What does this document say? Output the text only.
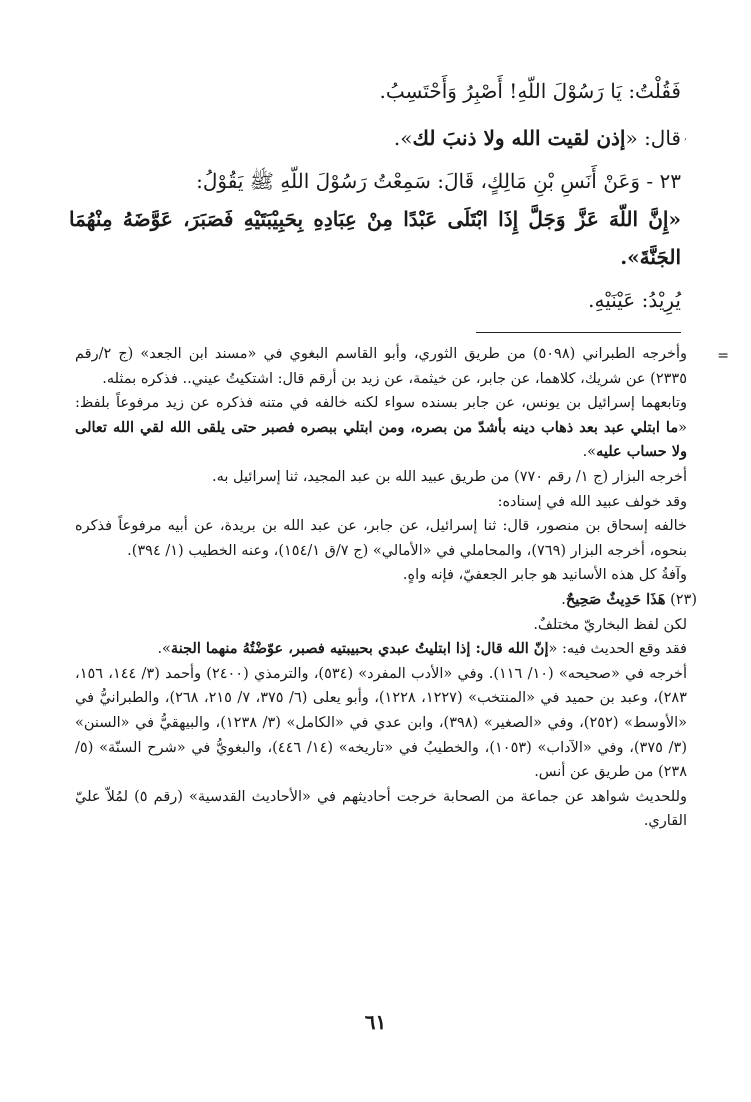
فَقُلْتُ: يَا رَسُوْلَ اللّهِ! أَصْبِرُ وَأَحْتَسِبُ.
قال: «إذن لقيت الله ولا ذنبَ لك».
٢٣ - وَعَنْ أَنَسِ بْنِ مَالِكٍ، قَالَ: سَمِعْتُ رَسُوْلَ اللّهِ ﷺ يَقُوْلُ:
«إِنَّ اللّهَ عَزَّ وَجَلَّ إِذَا ابْتَلَى عَبْدًا مِنْ عِبَادِهِ بِحَبِيْبَتَيْهِ فَصَبَرَ، عَوَّضَهُ مِنْهُمَا الجَنَّةَ».
يُرِيْدُ: عَيْنَيْهِ.
=

وأخرجه الطبراني (٥٠٩٨) من طريق الثوري، وأبو القاسم البغوي في «مسند ابن الجعد» (ج ٢/رقم ٢٣٣٥) عن شريك، كلاهما، عن جابر، عن خيثمة، عن زيد بن أرقم قال: اشتكيتُ عيني.. فذكره بمثله.

وتابعهما إسرائيل بن يونس، عن جابر بسنده سواء لكنه خالفه في متنه فذكره عن زيد مرفوعاً بلفظ: «ما ابتلي عبد بعد ذهاب دينه بأشدّ من بصره، ومن ابتلي ببصره فصبر حتى يلقى الله لقي الله تعالى ولا حساب عليه».

أخرجه البزار (ج ١/ رقم ٧٧٠) من طريق عبيد الله بن عبد المجيد، ثنا إسرائيل به.

وقد خولف عبيد الله في إسناده:

خالفه إسحاق بن منصور، قال: ثنا إسرائيل، عن جابر، عن عبد الله بن بريدة، عن أبيه مرفوعاً فذكره بنحوه، أخرجه البزار (٧٦٩)، والمحاملي في «الأمالي» (ج ٧/ق ١٥٤/١)، وعنه الخطيب (١/ ٣٩٤).

وآفةُ كل هذه الأسانيد هو جابر الجعفيّ، فإنه واهٍ.

(٢٣) هَذَا حَدِيثٌ صَحِيحٌ.

لكن لفظ البخاريّ مختلفٌ.

فقد وقع الحديث فيه: «إنّ الله قال: إذا ابتليتُ عبدي بحبيبتيه فصبر، عوّضْتُهُ منهما الجنة».

أخرجه في «صحيحه» (١٠/ ١١٦). وفي «الأدب المفرد» (٥٣٤)، والترمذي (٢٤٠٠) وأحمد (٣/ ١٤٤، ١٥٦، ٢٨٣)، وعبد بن حميد في «المنتخب» (١٢٢٧، ١٢٢٨)، وأبو يعلى (٦/ ٣٧٥، ٧/ ٢١٥، ٢٦٨)، والطبرانيُّ في «الأوسط» (٢٥٢)، وفي «الصغير» (٣٩٨)، وابن عدي في «الكامل» (٣/ ١٢٣٨)، والبيهقيُّ في «السنن» (٣/ ٣٧٥)، وفي «الآداب» (١٠٥٣)، والخطيبُ في «تاريخه» (١٤/ ٤٤٦)، والبغويُّ في «شرح السنّة» (٥/ ٢٣٨) من طريق عن أنس.

وللحديث شواهد عن جماعة من الصحابة خرجت أحاديثهم في «الأحاديث القدسية» (رقم ٥) لمُلاّ عليّ القاري.

٦١
,
